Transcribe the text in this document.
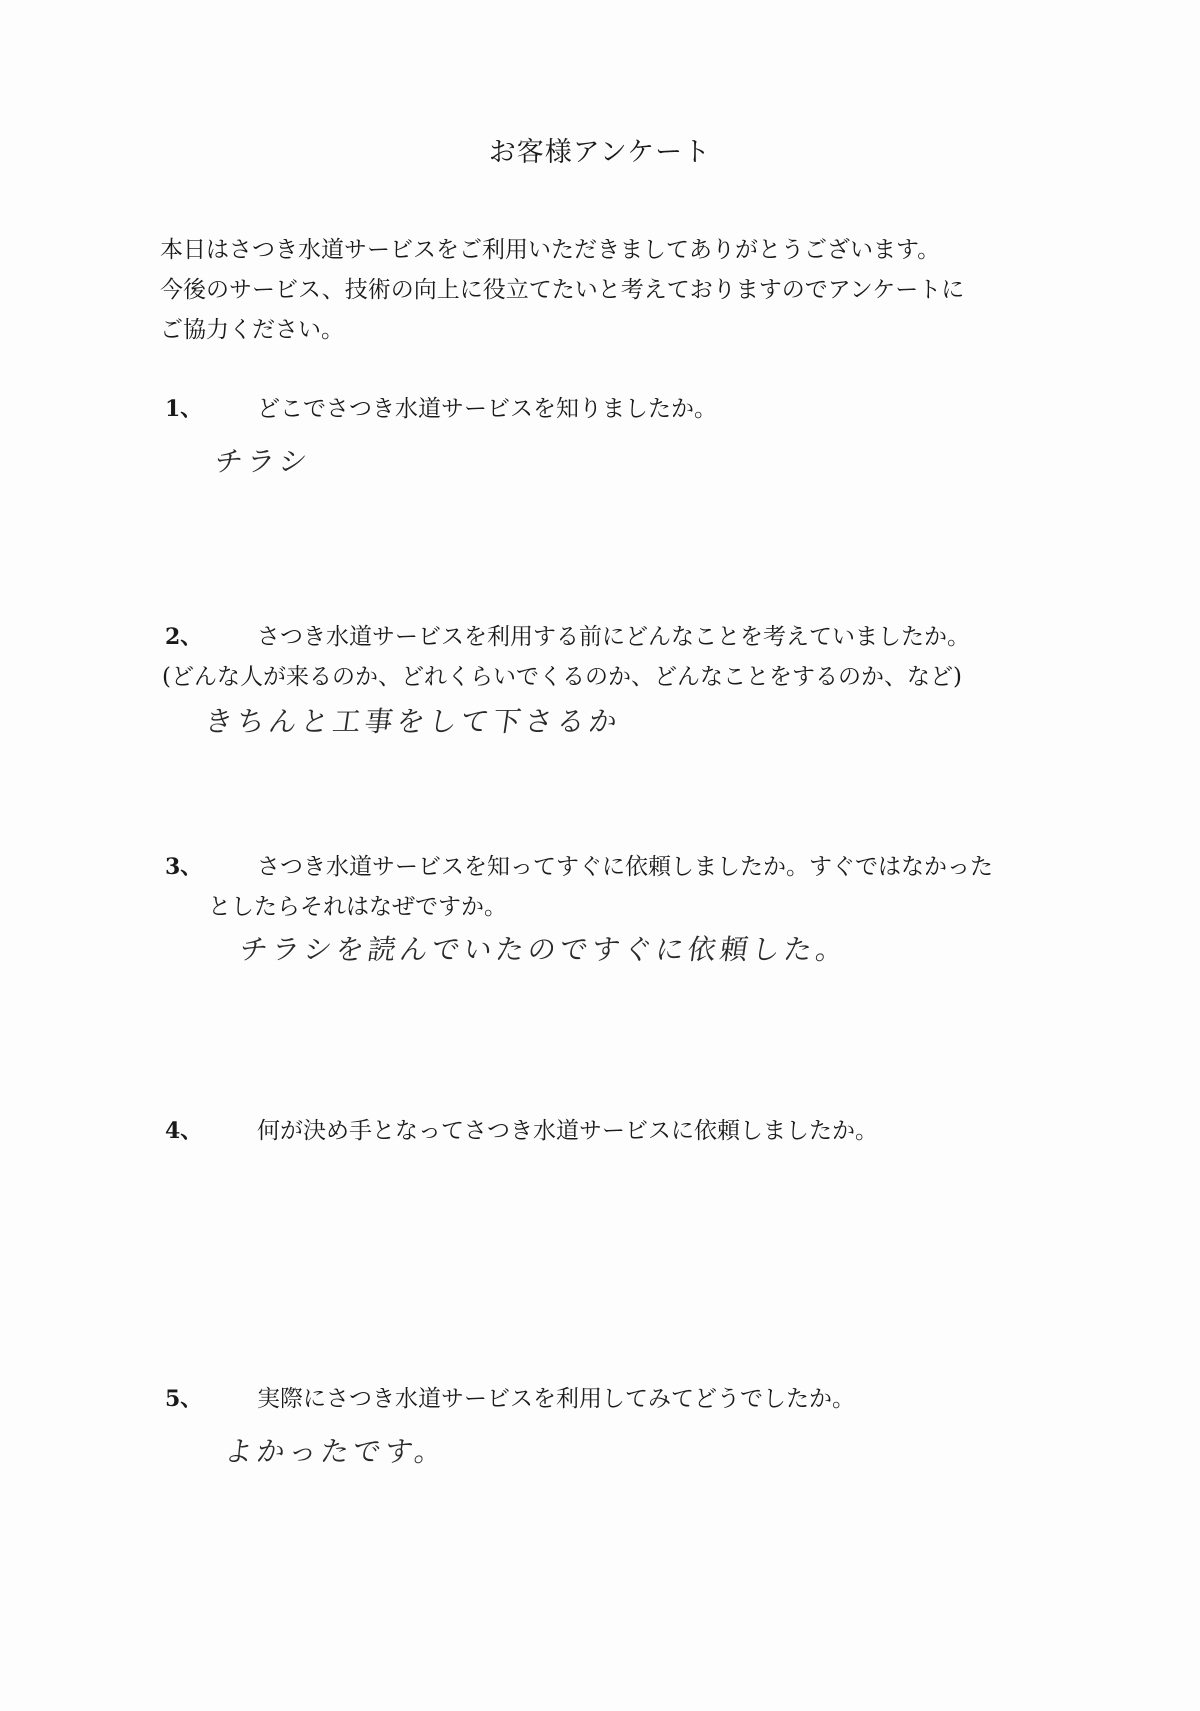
お客様アンケート

本日はさつき水道サービスをご利用いただきましてありがとうございます。

今後のサービス、技術の向上に役立てたいと考えておりますのでアンケートに

ご協力ください。

1、 どこでさつき水道サービスを知りましたか。
チラシ
2、 さつき水道サービスを利用する前にどんなことを考えていましたか。
(どんな人が来るのか、どれくらいでくるのか、どんなことをするのか、など)
きちんと工事をして下さるか
3、 さつき水道サービスを知ってすぐに依頼しましたか。すぐではなかった
としたらそれはなぜですか。
チラシを読んでいたのですぐに依頼した。
4、 何が決め手となってさつき水道サービスに依頼しましたか。
5、 実際にさつき水道サービスを利用してみてどうでしたか。
よかったです。
